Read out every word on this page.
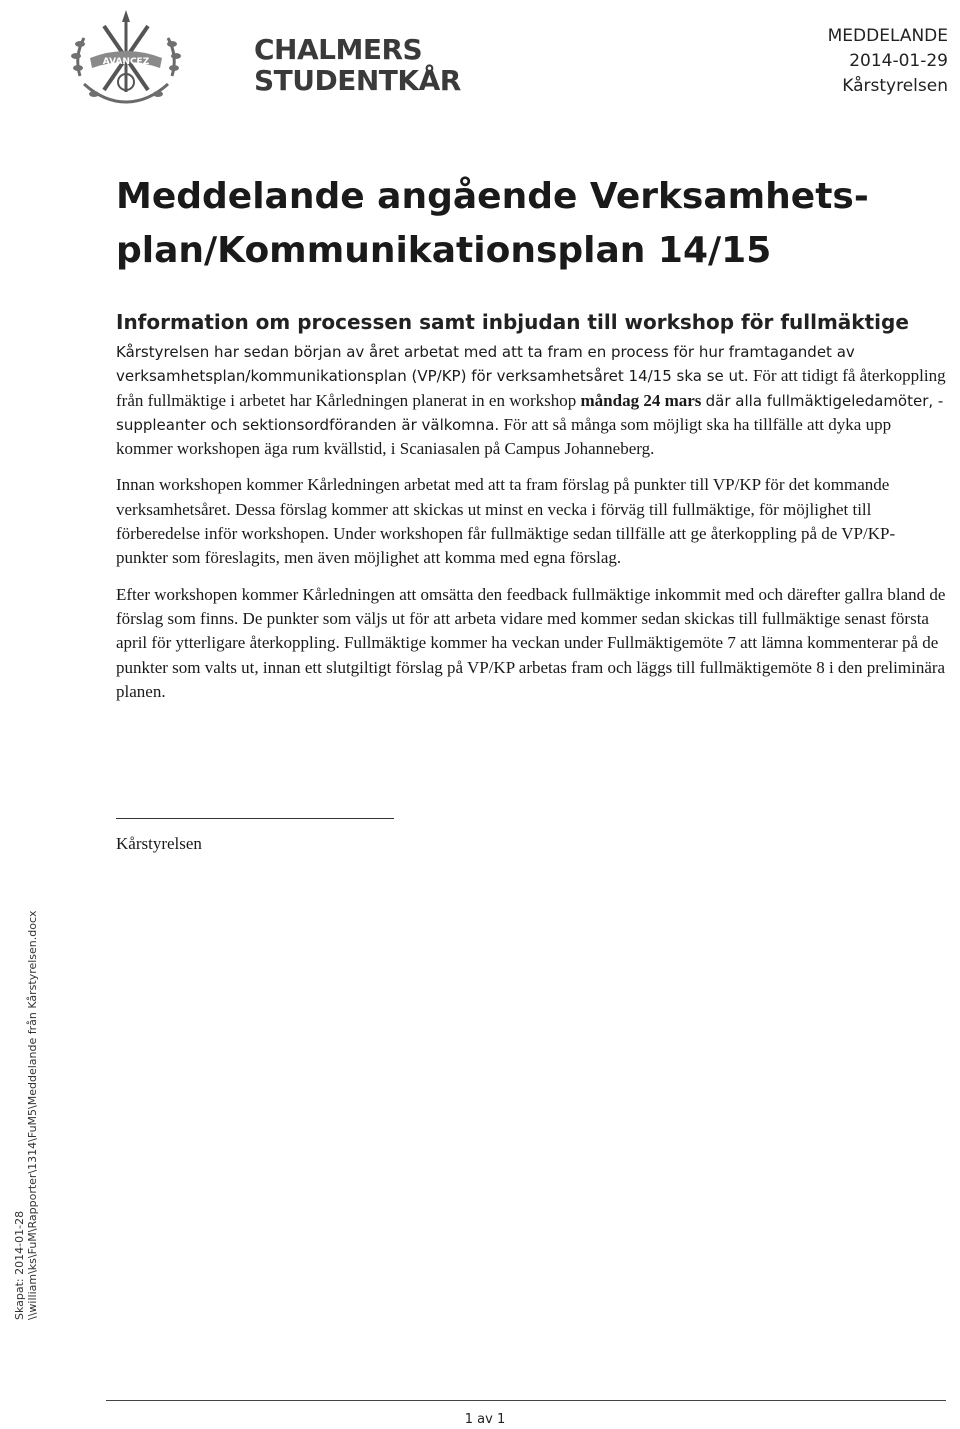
AVANCEZ	CHALMERS
STUDENTKÅR
MEDDELANDE
2014-01-29
Kårstyrelsen
Meddelande angående Verksamhets-plan/Kommunikationsplan 14/15
Information om processen samt inbjudan till workshop för fullmäktige

Kårstyrelsen har sedan början av året arbetat med att ta fram en process för hur framtagandet av verksamhetsplan/kommunikationsplan (VP/KP) för verksamhetsåret 14/15 ska se ut. För att tidigt få återkoppling från fullmäktige i arbetet har Kårledningen planerat in en workshop måndag 24 mars där alla fullmäktigeledamöter, -suppleanter och sektionsordföranden är välkomna. För att så många som möjligt ska ha tillfälle att dyka upp kommer workshopen äga rum kvällstid, i Scaniasalen på Campus Johanneberg.

Innan workshopen kommer Kårledningen arbetat med att ta fram förslag på punkter till VP/KP för det kommande verksamhetsåret. Dessa förslag kommer att skickas ut minst en vecka i förväg till fullmäktige, för möjlighet till förberedelse inför workshopen. Under workshopen får fullmäktige sedan tillfälle att ge återkoppling på de VP/KP-punkter som föreslagits, men även möjlighet att komma med egna förslag.

Efter workshopen kommer Kårledningen att omsätta den feedback fullmäktige inkommit med och därefter gallra bland de förslag som finns. De punkter som väljs ut för att arbeta vidare med kommer sedan skickas till fullmäktige senast första april för ytterligare återkoppling. Fullmäktige kommer ha veckan under Fullmäktigemöte 7 att lämna kommenterar på de punkter som valts ut, innan ett slutgiltigt förslag på VP/KP arbetas fram och läggs till fullmäktigemöte 8 i den preliminära planen.

Kårstyrelsen
Skapat: 2014-01-28 \\william\ks\FuM\Rapporter\1314\FuM5\Meddelande från Kårstyrelsen.docx
1 av 1
